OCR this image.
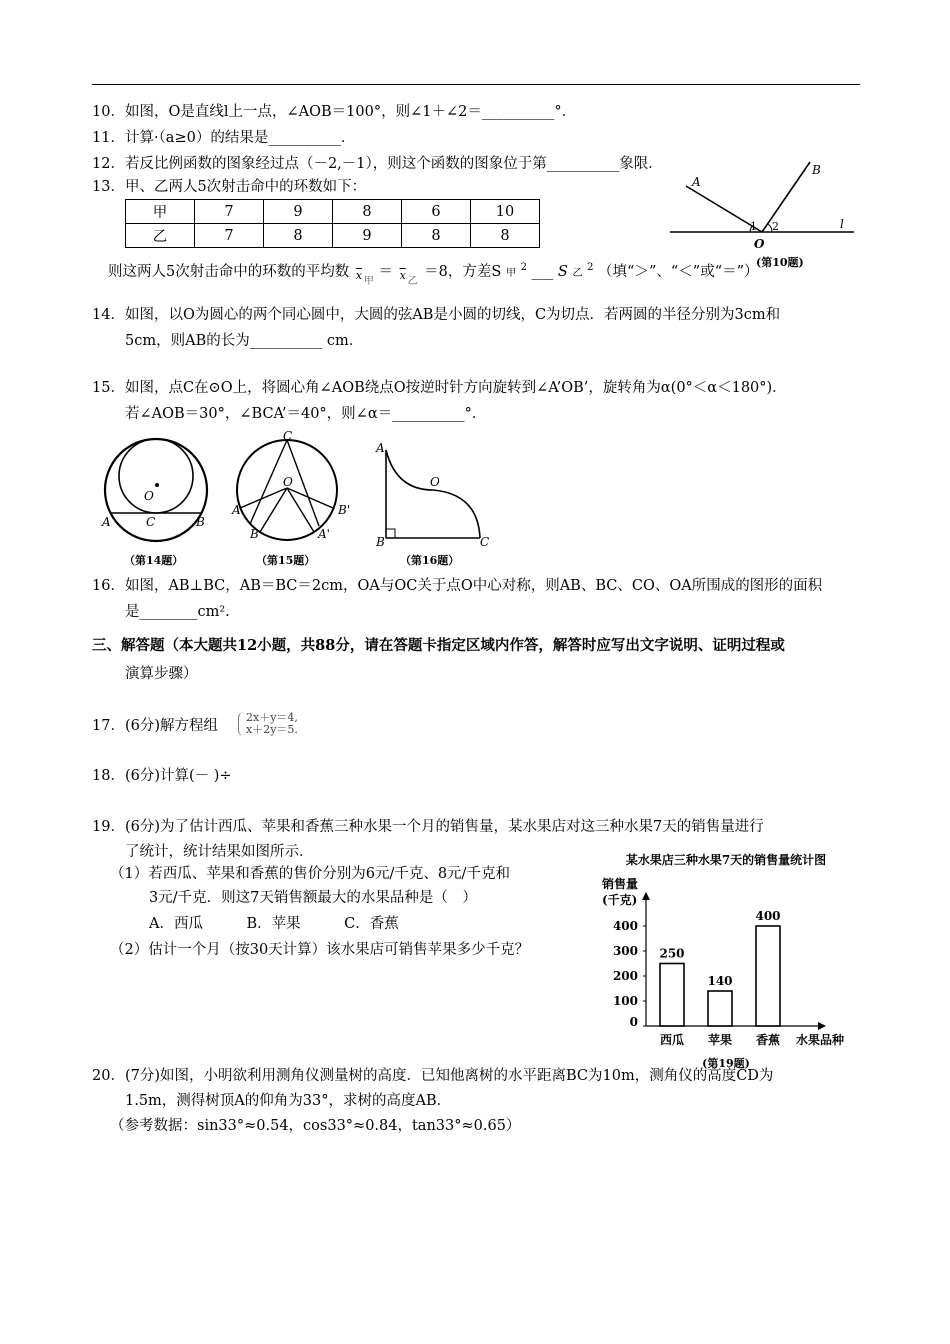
10．如图，O是直线l上一点，∠AOB＝100°，则∠1＋∠2＝__________°．
11．计算·（a≥0）的结果是__________．
12．若反比例函数的图象经过点（－2,－1），则这个函数的图象位于第__________象限．
13．甲、乙两人5次射击命中的环数如下：
甲	7	9	8	6	10
乙	7	8	9	8	8
则这两人5次射击命中的环数的平均数 $\overline{x}$ 甲
＝ $\overline{x}$ 乙
＝8，方差S 甲 $^2$ ___ S 乙 $^2$ （填“＞”、“＜”或“＝”）
A
B
O
l
1 2
(第10题)
14．如图，以O为圆心的两个同心圆中，大圆的弦AB是小圆的切线，C为切点．若两圆的半径分别为3cm和
5cm，则AB的长为__________ cm．
15．如图，点C在⊙O上，将圆心角∠AOB绕点O按逆时针方向旋转到∠A’OB’，旋转角为α(0°＜α＜180°)．
若∠AOB＝30°，∠BCA’＝40°，则∠α＝__________°．
O
A	C	B
（第14题）
C
O
A
B
B'
A'
（第15题）
A
B	C
O
（第16题）
16．如图，AB⊥BC，AB＝BC＝2cm，OA与OC关于点O中心对称，则AB、BC、CO、OA所围成的图形的面积
是________cm².
三、解答题（本大题共12小题，共88分，请在答题卡指定区域内作答，解答时应写出文字说明、证明过程或
演算步骤）
17．(6分)解方程组
2x＋y＝4,
x＋2y＝5.
18．(6分)计算(－ )÷
19．(6分)为了估计西瓜、苹果和香蕉三种水果一个月的销售量，某水果店对这三种水果7天的销售量进行
了统计，统计结果如图所示．
（1）若西瓜、苹果和香蕉的售价分别为6元/千克、8元/千克和
3元/千克．则这7天销售额最大的水果品种是（　）
A．西瓜　　　B．苹果　　　C．香蕉
（2）估计一个月（按30天计算）该水果店可销售苹果多少千克？
某水果店三种水果7天的销售量统计图
销售量
(千克)
水果品种
(第19题)
0
100
200
300
400
250
西瓜
140
苹果
400
香蕉
20．(7分)如图，小明欲利用测角仪测量树的高度．已知他离树的水平距离BC为10m，测角仪的高度CD为
1.5m，测得树顶A的仰角为33°，求树的高度AB．
（参考数据：sin33°≈0.54，cos33°≈0.84，tan33°≈0.65）
